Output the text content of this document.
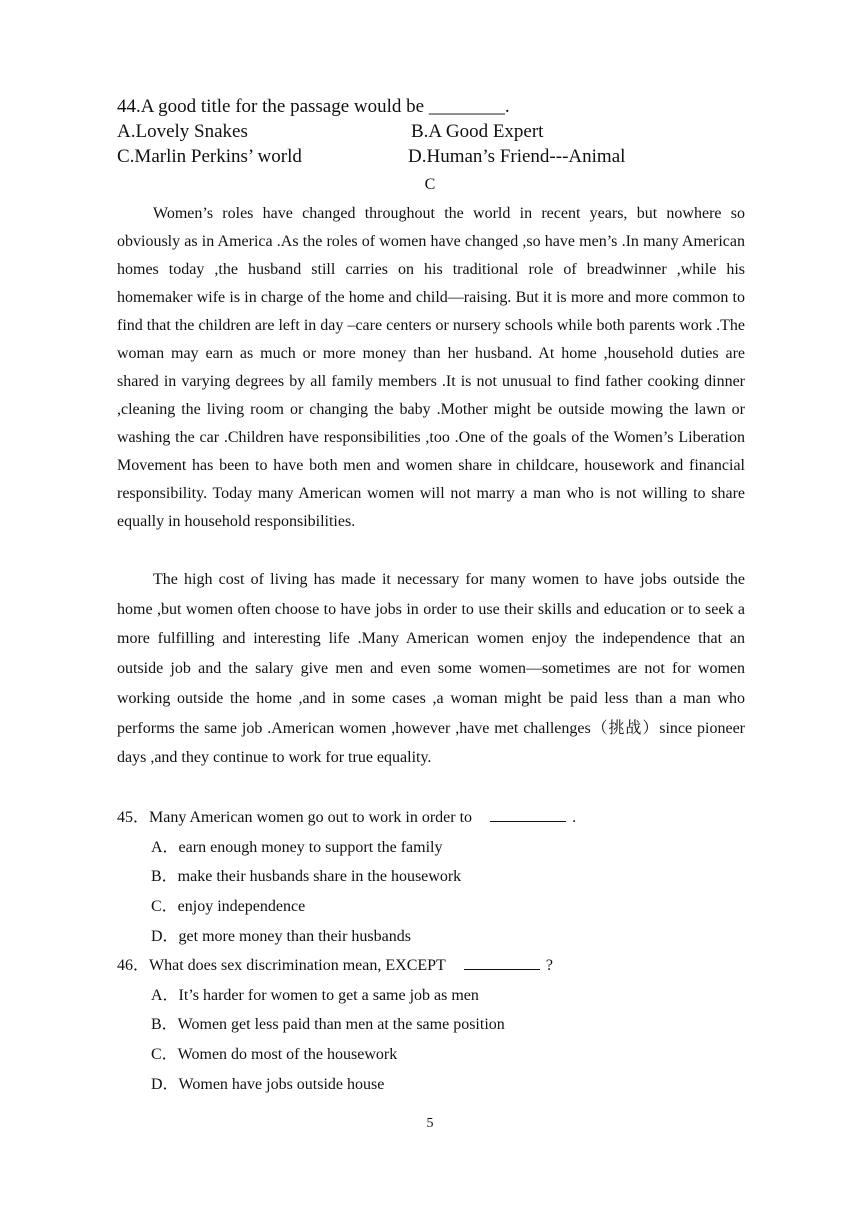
44.A good title for the passage would be ________.
A.Lovely Snakes	B.A Good Expert
C.Marlin Perkins’ world	D.Human’s Friend---Animal
C

Women’s roles have changed throughout the world in recent years, but nowhere so obviously as in America .As the roles of women have changed ,so have men’s .In many American homes today ,the husband still carries on his traditional role of breadwinner ,while his homemaker wife is in charge of the home and child—raising. But it is more and more common to find that the children are left in day –care centers or nursery schools while both parents work .The woman may earn as much or more money than her husband. At home ,household duties are shared in varying degrees by all family members .It is not unusual to find father cooking dinner ,cleaning the living room or changing the baby .Mother might be outside mowing the lawn or washing the car .Children have responsibilities ,too .One of the goals of the Women’s Liberation Movement has been to have both men and women share in childcare, housework and financial responsibility. Today many American women will not marry a man who is not willing to share equally in household responsibilities.

The high cost of living has made it necessary for many women to have jobs outside the home ,but women often choose to have jobs in order to use their skills and education or to seek a more fulfilling and interesting life .Many American women enjoy the independence that an outside job and the salary give men and even some women—sometimes are not for women working outside the home ,and in some cases ,a woman might be paid less than a man who performs the same job .American women ,however ,have met challenges（挑战）since pioneer days ,and they continue to work for true equality.

45．Many American women go out to work in order to	.
A．earn enough money to support the family
B．make their husbands share in the housework
C．enjoy independence
D．get more money than their husbands
46．What does sex discrimination mean, EXCEPT	?
A．It’s harder for women to get a same job as men
B．Women get less paid than men at the same position
C．Women do most of the housework
D．Women have jobs outside house
5
